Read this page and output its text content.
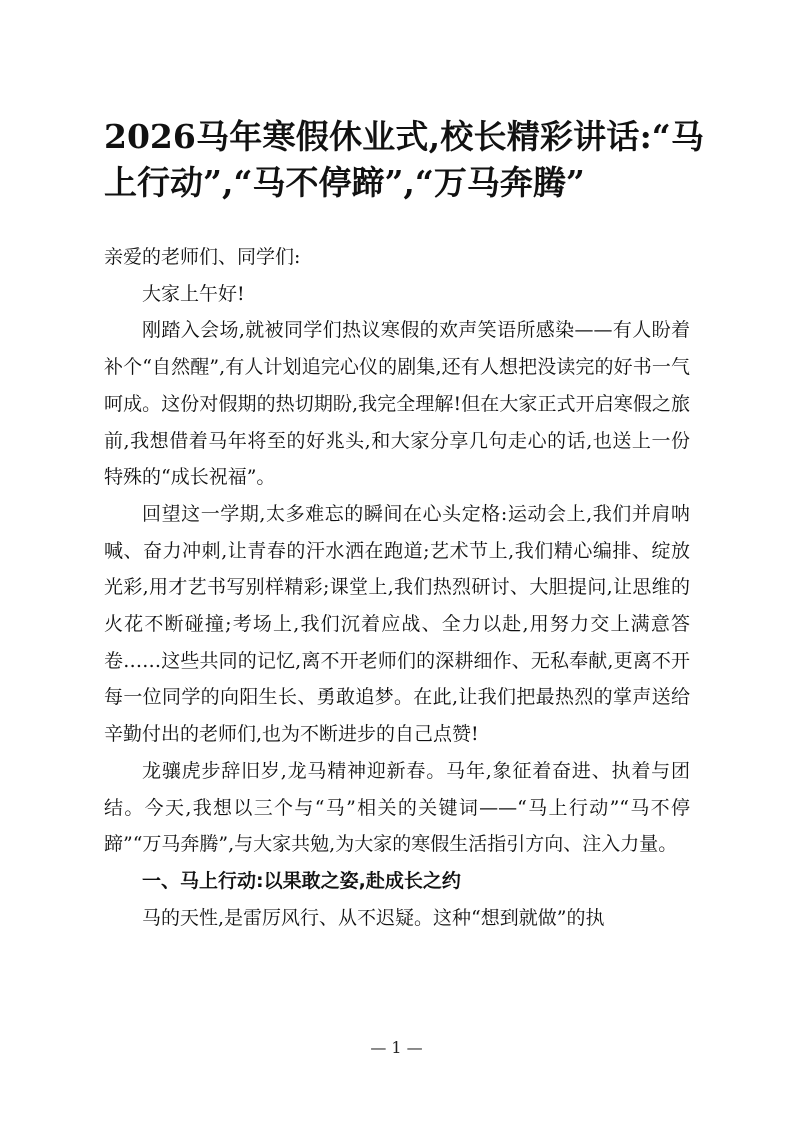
2026马年寒假休业式,校长精彩讲话:“马上行动”,“马不停蹄”,“万马奔腾”

亲爱的老师们、同学们:

大家上午好!

刚踏入会场,就被同学们热议寒假的欢声笑语所感染——有人盼着补个“自然醒”,有人计划追完心仪的剧集,还有人想把没读完的好书一气呵成。这份对假期的热切期盼,我完全理解!但在大家正式开启寒假之旅前,我想借着马年将至的好兆头,和大家分享几句走心的话,也送上一份特殊的“成长祝福”。

回望这一学期,太多难忘的瞬间在心头定格:运动会上,我们并肩呐喊、奋力冲刺,让青春的汗水洒在跑道;艺术节上,我们精心编排、绽放光彩,用才艺书写别样精彩;课堂上,我们热烈研讨、大胆提问,让思维的火花不断碰撞;考场上,我们沉着应战、全力以赴,用努力交上满意答卷……这些共同的记忆,离不开老师们的深耕细作、无私奉献,更离不开每一位同学的向阳生长、勇敢追梦。在此,让我们把最热烈的掌声送给辛勤付出的老师们,也为不断进步的自己点赞!

龙骧虎步辞旧岁,龙马精神迎新春。马年,象征着奋进、执着与团结。今天,我想以三个与“马”相关的关键词——“马上行动”“马不停蹄”“万马奔腾”,与大家共勉,为大家的寒假生活指引方向、注入力量。

一、马上行动:以果敢之姿,赴成长之约

马的天性,是雷厉风行、从不迟疑。这种“想到就做”的执

— 1 —
